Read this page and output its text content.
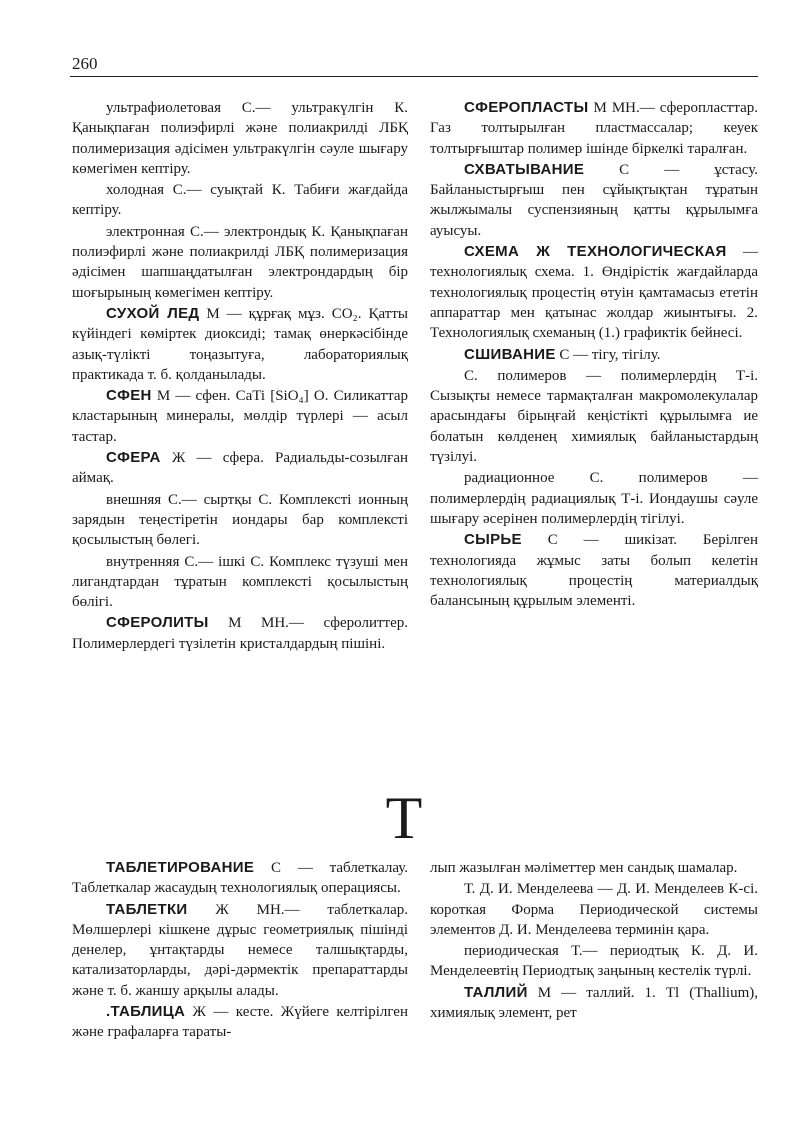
260

ультрафиолетовая С.— ультракүлгін К. Қанықпаған полиэфирлі және полиакрилді ЛБҚ полимеризация әдісімен ультракүлгін сәуле шығару көмегімен кептіру.

холодная С.— суықтай К. Табиғи жағдайда кептіру.

электронная С.— электрондық К. Қанықпаған полиэфирлі және полиакрилді ЛБҚ полимеризация әдісімен шапшаңдатылған электрондардың бір шоғырының көмегімен кептіру.

СУХОЙ ЛЕД М — құрғақ мұз. СО₂. Қатты күйіндегі көміртек диоксиді; тамақ өнеркәсібінде азық-түлікті тоңазытуға, лабораториялық практикада т. б. қолданылады.

СФЕН М — сфен. CaTi [SiO₄] O. Силикаттар кластарының минералы, мөлдір түрлері — асыл тастар.

СФЕРА Ж — сфера. Радиальды-созылған аймақ.

внешняя С.— сыртқы С. Комплексті ионның зарядын теңестіретін иондары бар комплексті қосылыстың бөлегі.

внутренняя С.— ішкі С. Комплекс түзуші мен лигандтардан тұратын комплексті қосылыстың бөлігі.

СФЕРОЛИТЫ М МН.— сферолиттер. Полимерлердегі түзілетін кристалдардың пішіні.

СФЕРОПЛАСТЫ М МН.— сферопласттар. Газ толтырылған пластмассалар; кеуек толтырғыштар полимер ішінде біркелкі таралған.

СХВАТЫВАНИЕ С — ұстасу. Байланыстырғыш пен сұйықтықтан тұратын жылжымалы суспензияның қатты құрылымға ауысуы.

СХЕМА Ж ТЕХНОЛОГИЧЕСКАЯ — технологиялық схема. 1. Өндірістік жағдайларда технологиялық процестің өтуін қамтамасыз ететін аппараттар мен қатынас жолдар жиынтығы. 2. Технологиялық схеманың (1.) графиктік бейнесі.

СШИВАНИЕ С — тігу, тігілу.

С. полимеров — полимерлердің Т-і. Сызықты немесе тармақталған макромолекулалар арасындағы бірыңғай кеңістікті құрылымға ие болатын көлденең химиялық байланыстардың түзілуі.

радиационное С. полимеров — полимерлердің радиациялық Т-і. Иондаушы сәуле шығару әсерінен полимерлердің тігілуі.

СЫРЬЕ С — шикізат. Берілген технологияда жұмыс заты болып келетін технологиялық процестің материалдық балансының құрылым элементі.

Т

ТАБЛЕТИРОВАНИЕ С — таблеткалау. Таблеткалар жасаудың технологиялық операциясы.

ТАБЛЕТКИ Ж МН.— таблеткалар. Мөлшерлері кішкене дұрыс геометриялық пішінді денелер, ұнтақтарды немесе талшықтарды, катализаторларды, дәрі-дәрмектік препараттарды және т. б. жаншу арқылы алады.

.ТАБЛИЦА Ж — кесте. Жүйеге келтірілген және графаларға тараты-

лып жазылған мәліметтер мен сандық шамалар.

Т. Д. И. Менделеева — Д. И. Менделеев К-сі. короткая Форма Периодической системы элементов Д. И. Менделеева терминін қара.

периодическая Т.— периодтық К. Д. И. Менделеевтің Периодтық заңының кестелік түрлі.

ТАЛЛИЙ М — таллий. 1. Tl (Thallium), химиялық элемент, рет
